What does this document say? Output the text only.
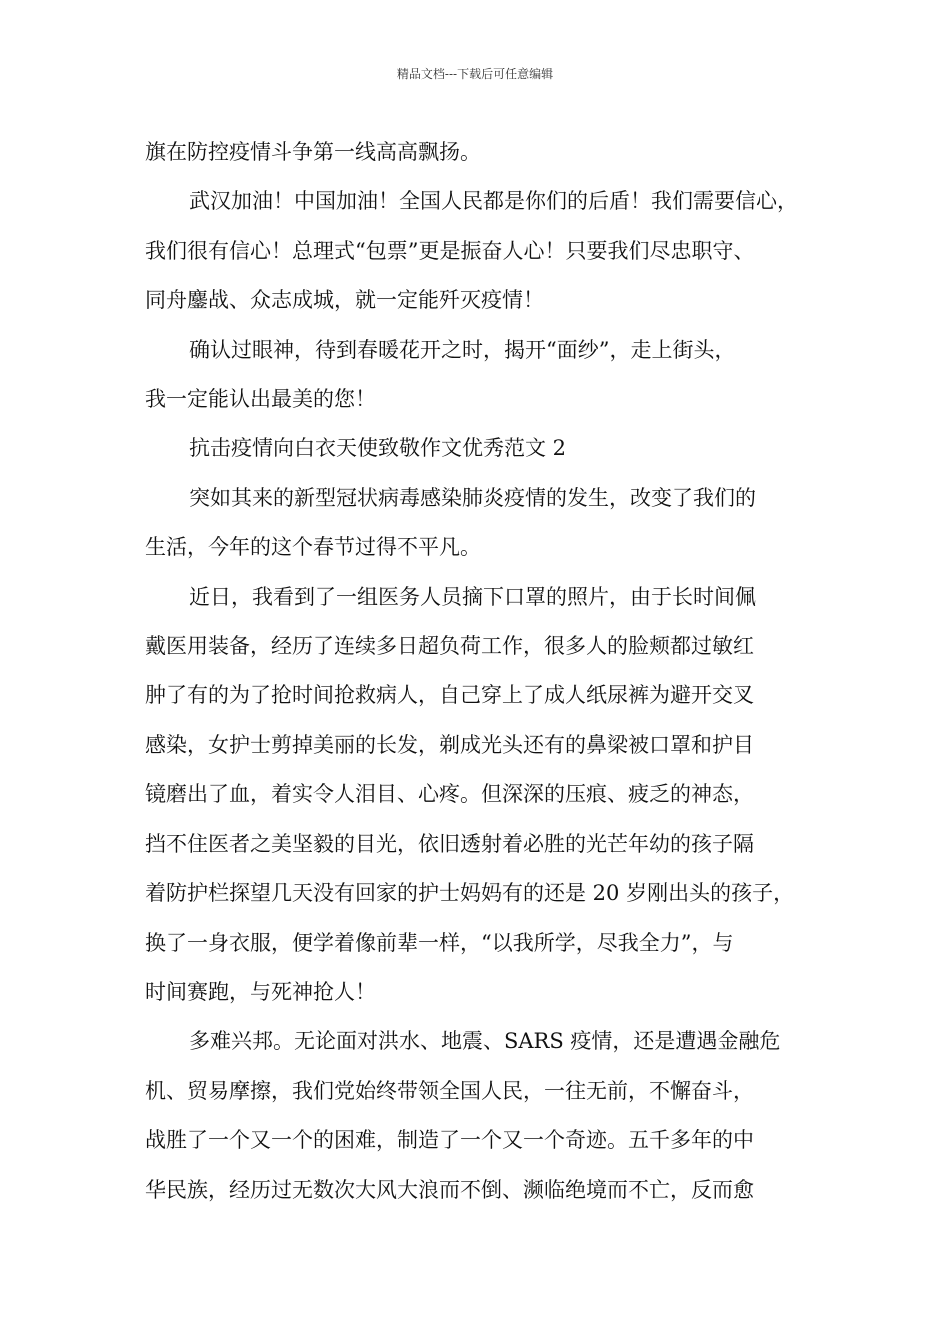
精品文档---下载后可任意编辑

旗在防控疫情斗争第一线高高飘扬。

武汉加油！中国加油！全国人民都是你们的后盾！我们需要信心，

我们很有信心！总理式“包票”更是振奋人心！只要我们尽忠职守、

同舟鏖战、众志成城，就一定能歼灭疫情！

确认过眼神，待到春暖花开之时，揭开“面纱”，走上街头，

我一定能认出最美的您！

抗击疫情向白衣天使致敬作文优秀范文 2

突如其来的新型冠状病毒感染肺炎疫情的发生，改变了我们的

生活，今年的这个春节过得不平凡。

近日，我看到了一组医务人员摘下口罩的照片，由于长时间佩

戴医用装备，经历了连续多日超负荷工作，很多人的脸颊都过敏红

肿了有的为了抢时间抢救病人，自己穿上了成人纸尿裤为避开交叉

感染，女护士剪掉美丽的长发，剃成光头还有的鼻梁被口罩和护目

镜磨出了血，着实令人泪目、心疼。但深深的压痕、疲乏的神态，

挡不住医者之美坚毅的目光，依旧透射着必胜的光芒年幼的孩子隔

着防护栏探望几天没有回家的护士妈妈有的还是 20 岁刚出头的孩子，

换了一身衣服，便学着像前辈一样，“以我所学，尽我全力”，与

时间赛跑，与死神抢人！

多难兴邦。无论面对洪水、地震、SARS 疫情，还是遭遇金融危

机、贸易摩擦，我们党始终带领全国人民，一往无前，不懈奋斗，

战胜了一个又一个的困难，制造了一个又一个奇迹。五千多年的中

华民族，经历过无数次大风大浪而不倒、濒临绝境而不亡，反而愈
